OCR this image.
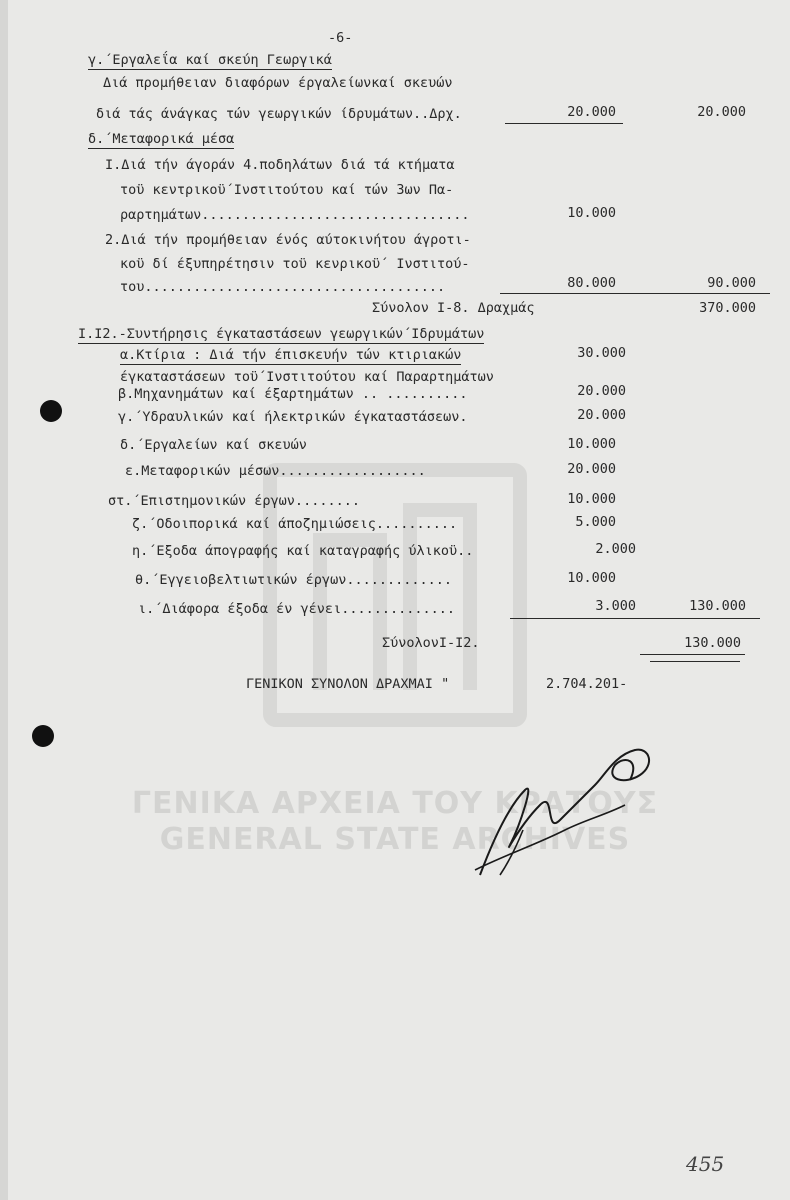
ΓΕΝΙΚΑ ΑΡΧΕΙΑ ΤΟΥ ΚΡΑΤΟΥΣ
GENERAL STATE ARCHIVES
-6-
γ.΄Εργαλεΐα καί σκεύη Γεωργικά
Διά προμήθειαν διαφόρων έργαλείωνκαί σκευών
διά τάς άνάγκας τών γεωργικών ίδρυμάτων..Δρχ.	20.000	20.000
δ.΄Μεταφορικά μέσα
Ι.Διά τήν άγοράν 4.ποδηλάτων διά τά κτήματα
τοϋ κεντρικοϋ΄Ινστιτούτου καί τών 3ων Πα-
ραρτημάτων.................................	10.000
2.Διά τήν προμήθειαν ένός αύτοκινήτου άγροτι-
κοϋ δί έξυπηρέτησιν τοϋ κενρικοϋ΄ Ινστιτού-
του.....................................	80.000	90.000
Σύνολον Ι-8. Δραχμάς	370.000
Ι.Ι2.-Συντήρησις έγκαταστάσεων γεωργικών΄Ιδρυμάτων
α.Κτίρια : Διά τήν έπισκευήν τών κτιριακών	30.000
έγκαταστάσεων τοϋ΄Ινστιτούτου καί Παραρτημάτων
β.Μηχανημάτων καί έξαρτημάτων .. ..........	20.000
γ.΄Υδραυλικών καί ήλεκτρικών έγκαταστάσεων.	20.000
δ.΄Εργαλείων καί σκευών	10.000
ε.Μεταφορικών μέσων..................	20.000
στ.΄Επιστημονικών έργων........	10.000
ζ.΄Οδοιπορικά καί άποζημιώσεις..........	5.000
η.΄Εξοδα άπογραφής καί καταγραφής ύλικοϋ..	2.000
θ.΄Εγγειοβελτιωτικών έργων.............	10.000
ι.΄Διάφορα έξοδα έν γένει..............	3.000	130.000
ΣύνολονΙ-Ι2.	130.000
ΓΕΝΙΚΟΝ ΣΥΝΟΛΟΝ ΔΡΑΧΜΑΙ "	2.704.201-
455
